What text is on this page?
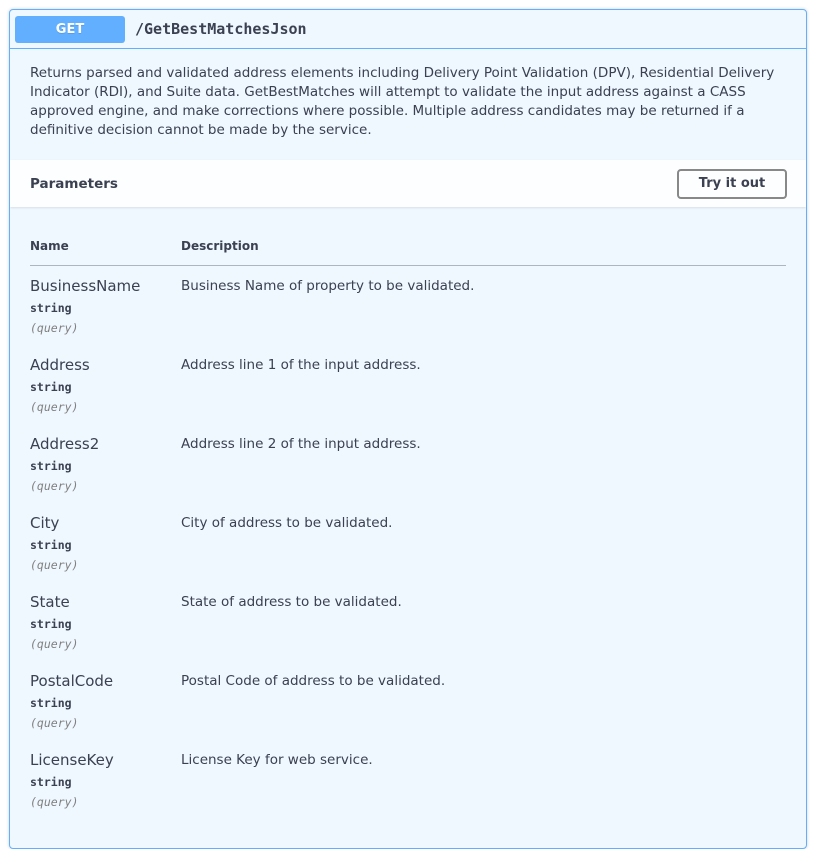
GET	/GetBestMatchesJson
Returns parsed and validated address elements including Delivery Point Validation (DPV), Residential Delivery Indicator (RDI), and Suite data. GetBestMatches will attempt to validate the input address against a CASS approved engine, and make corrections where possible. Multiple address candidates may be returned if a definitive decision cannot be made by the service.
Parameters	Try it out
Name	Description

BusinessName
string
(query)	Business Name of property to be validated.

Address
string
(query)	Address line 1 of the input address.

Address2
string
(query)	Address line 2 of the input address.

City
string
(query)	City of address to be validated.

State
string
(query)	State of address to be validated.

PostalCode
string
(query)	Postal Code of address to be validated.

LicenseKey
string
(query)	License Key for web service.
